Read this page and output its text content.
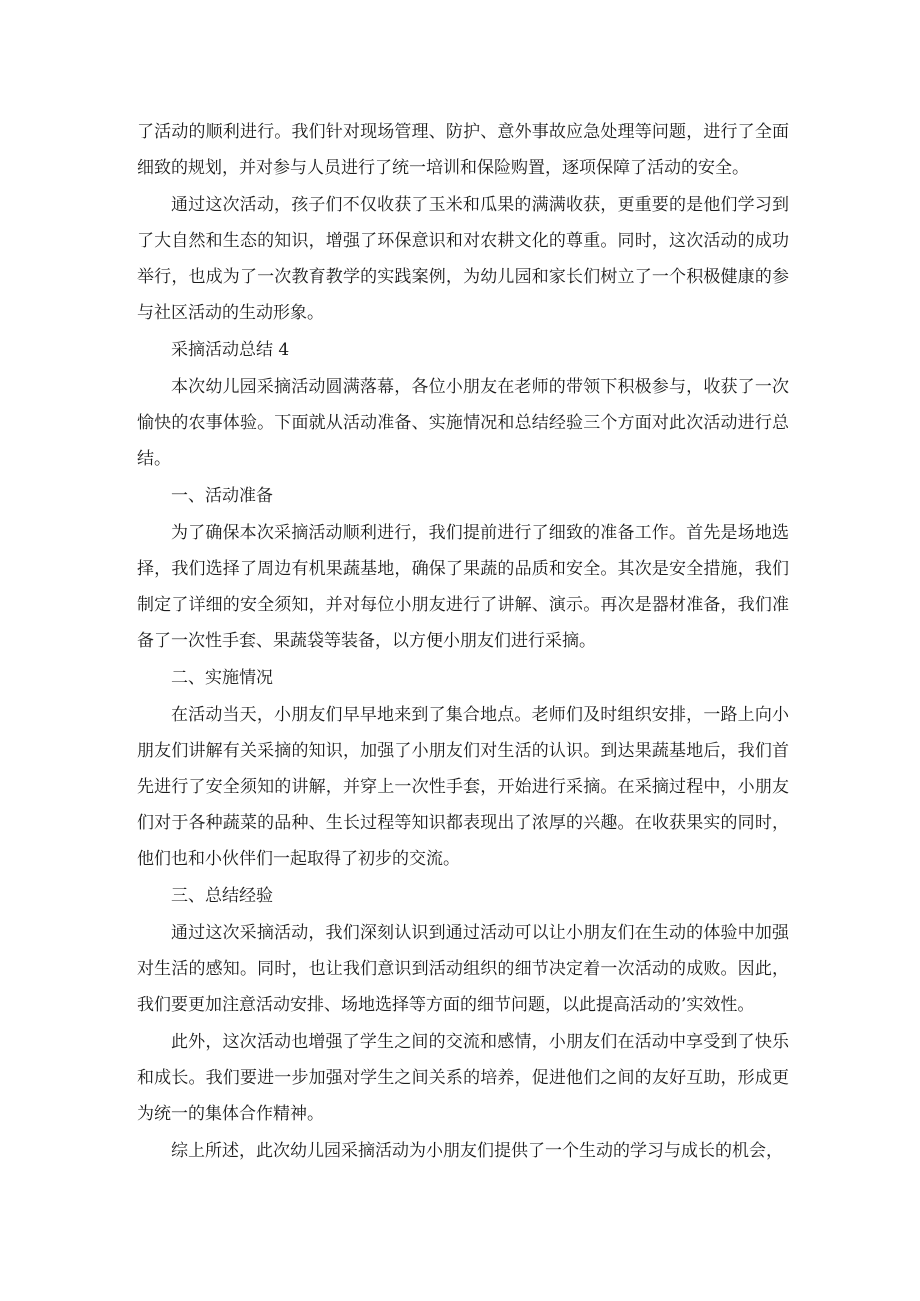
了活动的顺利进行。我们针对现场管理、防护、意外事故应急处理等问题，进行了全面细致的规划，并对参与人员进行了统一培训和保险购置，逐项保障了活动的安全。

通过这次活动，孩子们不仅收获了玉米和瓜果的满满收获，更重要的是他们学习到了大自然和生态的知识，增强了环保意识和对农耕文化的尊重。同时，这次活动的成功举行，也成为了一次教育教学的实践案例，为幼儿园和家长们树立了一个积极健康的参与社区活动的生动形象。

采摘活动总结 4

本次幼儿园采摘活动圆满落幕，各位小朋友在老师的带领下积极参与，收获了一次愉快的农事体验。下面就从活动准备、实施情况和总结经验三个方面对此次活动进行总结。

一、活动准备

为了确保本次采摘活动顺利进行，我们提前进行了细致的准备工作。首先是场地选择，我们选择了周边有机果蔬基地，确保了果蔬的品质和安全。其次是安全措施，我们制定了详细的安全须知，并对每位小朋友进行了讲解、演示。再次是器材准备，我们准备了一次性手套、果蔬袋等装备，以方便小朋友们进行采摘。

二、实施情况

在活动当天，小朋友们早早地来到了集合地点。老师们及时组织安排，一路上向小朋友们讲解有关采摘的知识，加强了小朋友们对生活的认识。到达果蔬基地后，我们首先进行了安全须知的讲解，并穿上一次性手套，开始进行采摘。在采摘过程中，小朋友们对于各种蔬菜的品种、生长过程等知识都表现出了浓厚的兴趣。在收获果实的同时，他们也和小伙伴们一起取得了初步的交流。

三、总结经验

通过这次采摘活动，我们深刻认识到通过活动可以让小朋友们在生动的体验中加强对生活的感知。同时，也让我们意识到活动组织的细节决定着一次活动的成败。因此，我们要更加注意活动安排、场地选择等方面的细节问题，以此提高活动的’实效性。

此外，这次活动也增强了学生之间的交流和感情，小朋友们在活动中享受到了快乐和成长。我们要进一步加强对学生之间关系的培养，促进他们之间的友好互助，形成更为统一的集体合作精神。

综上所述，此次幼儿园采摘活动为小朋友们提供了一个生动的学习与成长的机会，
